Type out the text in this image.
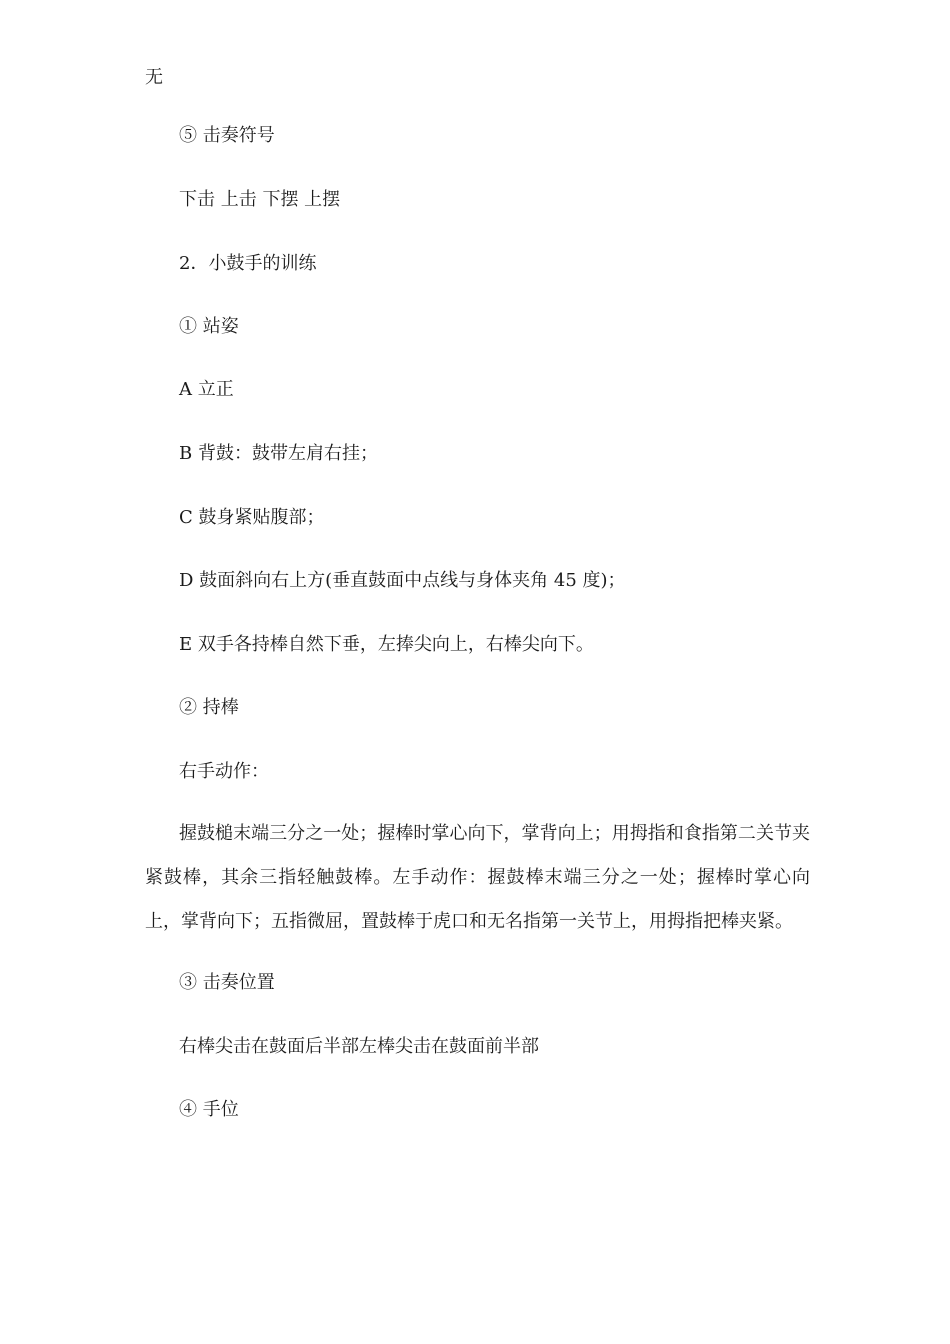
无
⑤ 击奏符号
下击 上击 下摆 上摆
2．小鼓手的训练
① 站姿
A 立正
B 背鼓：鼓带左肩右挂；
C 鼓身紧贴腹部；
D 鼓面斜向右上方(垂直鼓面中点线与身体夹角 45 度)；
E 双手各持棒自然下垂，左捧尖向上，右棒尖向下。
② 持棒
右手动作：
握鼓槌末端三分之一处；握棒时掌心向下，掌背向上；用拇指和食指第二关节夹紧鼓棒，其余三指轻触鼓棒。左手动作：握鼓棒末端三分之一处；握棒时掌心向上，掌背向下；五指微屈，置鼓棒于虎口和无名指第一关节上，用拇指把棒夹紧。
③ 击奏位置
右棒尖击在鼓面后半部左棒尖击在鼓面前半部
④ 手位
